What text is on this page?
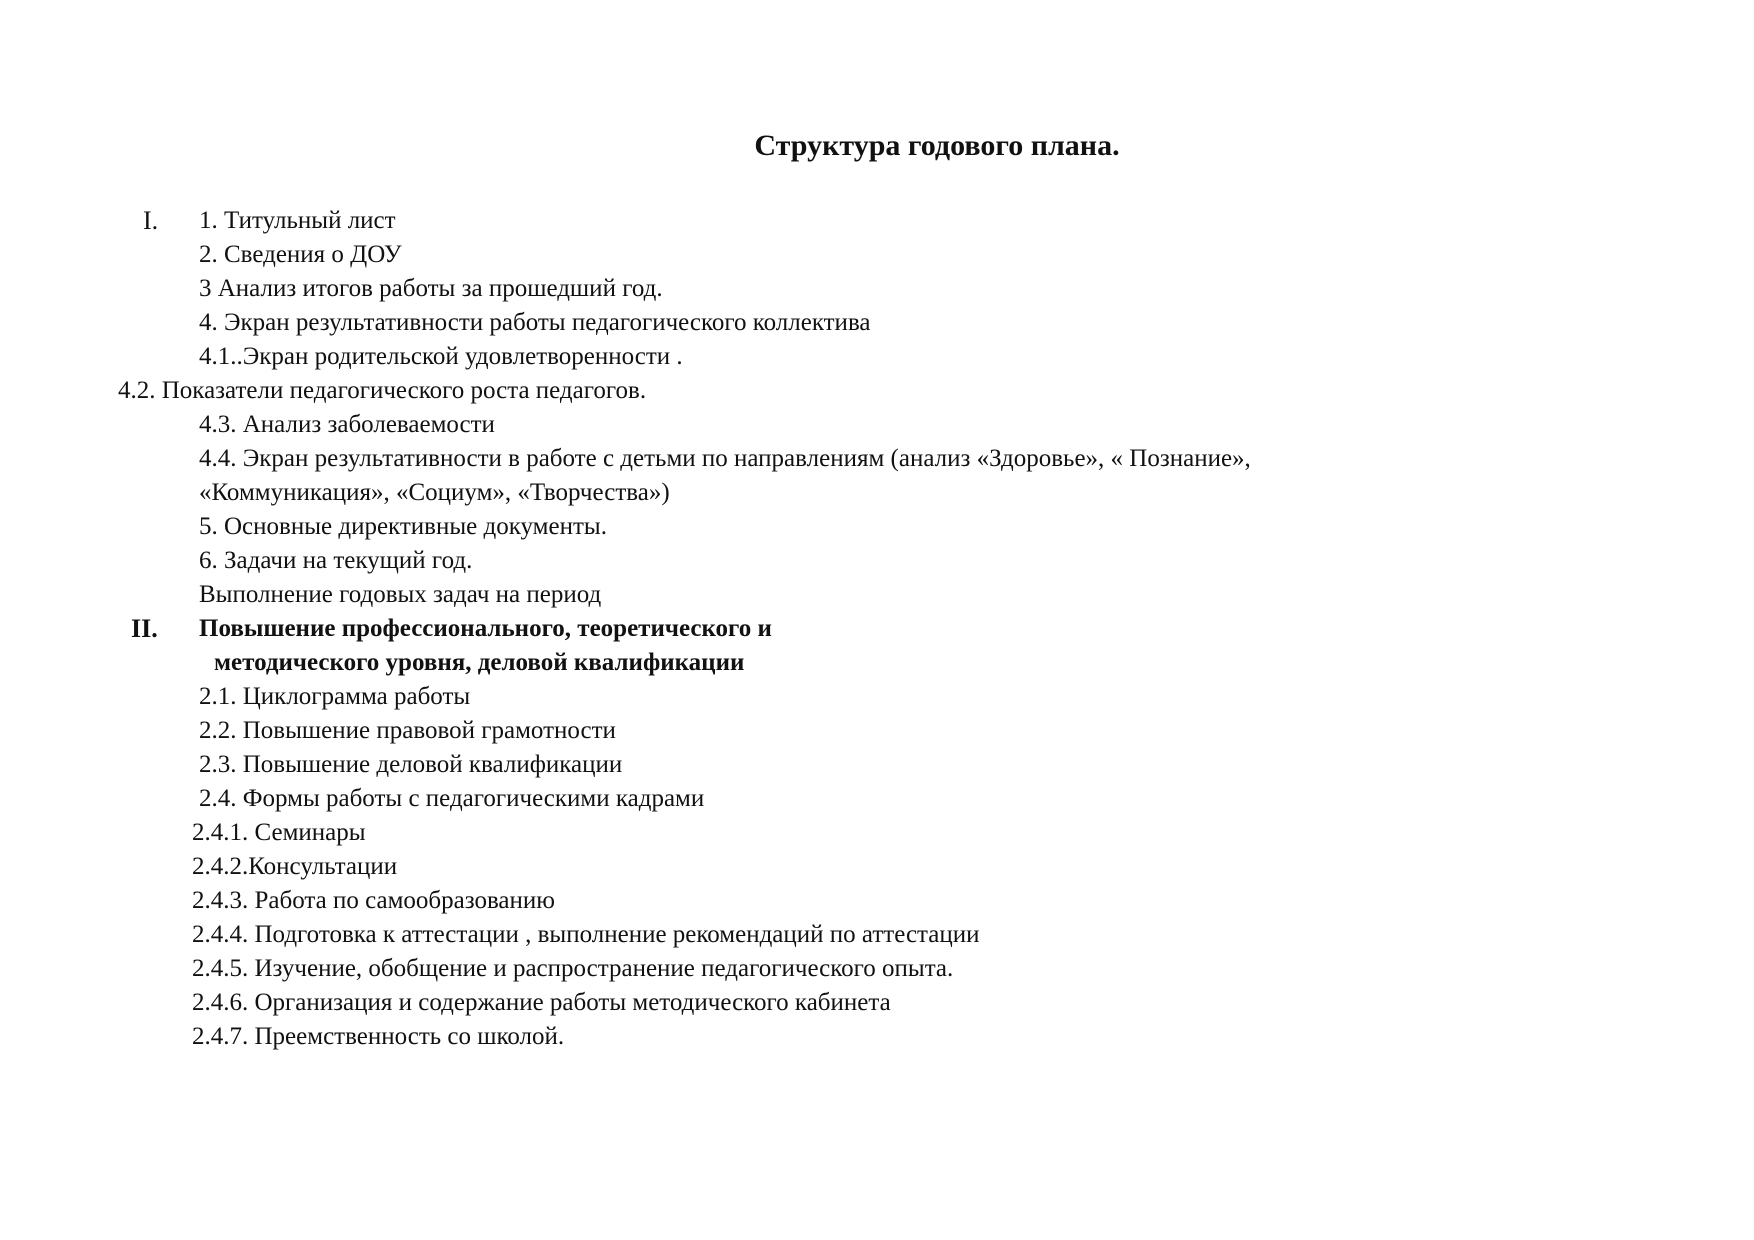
Структура годового плана.
I. 1. Титульный лист
2. Сведения о ДОУ
3 Анализ итогов работы за прошедший год.
4. Экран результативности работы педагогического коллектива
4.1..Экран родительской удовлетворенности .
4.2. Показатели педагогического роста педагогов.
4.3. Анализ заболеваемости
4.4. Экран результативности в работе с детьми по направлениям (анализ «Здоровье», « Познание»,
«Коммуникация», «Социум», «Творчества»)
5. Основные директивные документы.
6. Задачи на текущий год.
Выполнение годовых задач на период
II. Повышение профессионального, теоретического и
методического уровня, деловой квалификации
2.1. Циклограмма работы
2.2. Повышение правовой грамотности
2.3. Повышение деловой квалификации
2.4. Формы работы с педагогическими кадрами
2.4.1. Семинары
2.4.2.Консультации
2.4.3. Работа по самообразованию
2.4.4. Подготовка к аттестации , выполнение рекомендаций по аттестации
2.4.5. Изучение, обобщение и распространение педагогического опыта.
2.4.6. Организация и содержание работы методического кабинета
2.4.7. Преемственность со школой.
